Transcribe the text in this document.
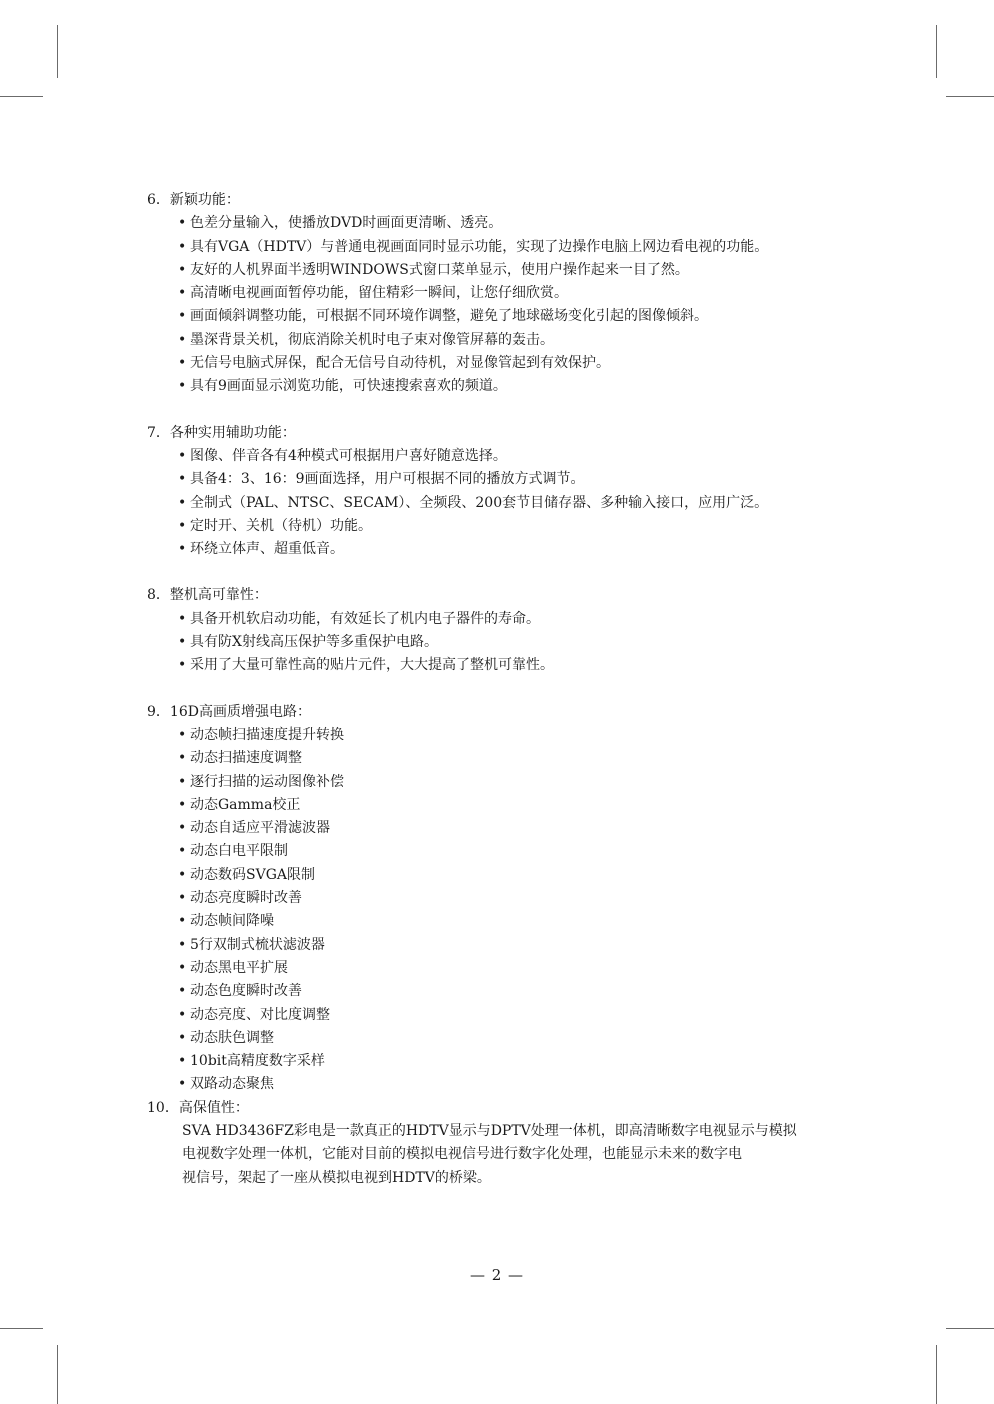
6．新颖功能：
• 色差分量输入，使播放DVD时画面更清晰、透亮。
• 具有VGA（HDTV）与普通电视画面同时显示功能，实现了边操作电脑上网边看电视的功能。
• 友好的人机界面半透明WINDOWS式窗口菜单显示，使用户操作起来一目了然。
• 高清晰电视画面暂停功能，留住精彩一瞬间，让您仔细欣赏。
• 画面倾斜调整功能，可根据不同环境作调整，避免了地球磁场变化引起的图像倾斜。
• 墨深背景关机，彻底消除关机时电子束对像管屏幕的轰击。
• 无信号电脑式屏保，配合无信号自动待机，对显像管起到有效保护。
• 具有9画面显示浏览功能，可快速搜索喜欢的频道。
7．各种实用辅助功能：
• 图像、伴音各有4种模式可根据用户喜好随意选择。
• 具备4：3、16：9画面选择，用户可根据不同的播放方式调节。
• 全制式（PAL、NTSC、SECAM）、全频段、200套节目储存器、多种输入接口，应用广泛。
• 定时开、关机（待机）功能。
• 环绕立体声、超重低音。
8．整机高可靠性：
• 具备开机软启动功能，有效延长了机内电子器件的寿命。
• 具有防X射线高压保护等多重保护电路。
• 采用了大量可靠性高的贴片元件，大大提高了整机可靠性。
9．16D高画质增强电路：
• 动态帧扫描速度提升转换
• 动态扫描速度调整
• 逐行扫描的运动图像补偿
• 动态Gamma校正
• 动态自适应平滑滤波器
• 动态白电平限制
• 动态数码SVGA限制
• 动态亮度瞬时改善
• 动态帧间降噪
• 5行双制式梳状滤波器
• 动态黑电平扩展
• 动态色度瞬时改善
• 动态亮度、对比度调整
• 动态肤色调整
• 10bit高精度数字采样
• 双路动态聚焦
10．高保值性：
SVA HD3436FZ彩电是一款真正的HDTV显示与DPTV处理一体机，即高清晰数字电视显示与模拟
电视数字处理一体机，它能对目前的模拟电视信号进行数字化处理，也能显示未来的数字电
视信号，架起了一座从模拟电视到HDTV的桥梁。
— 2 —
